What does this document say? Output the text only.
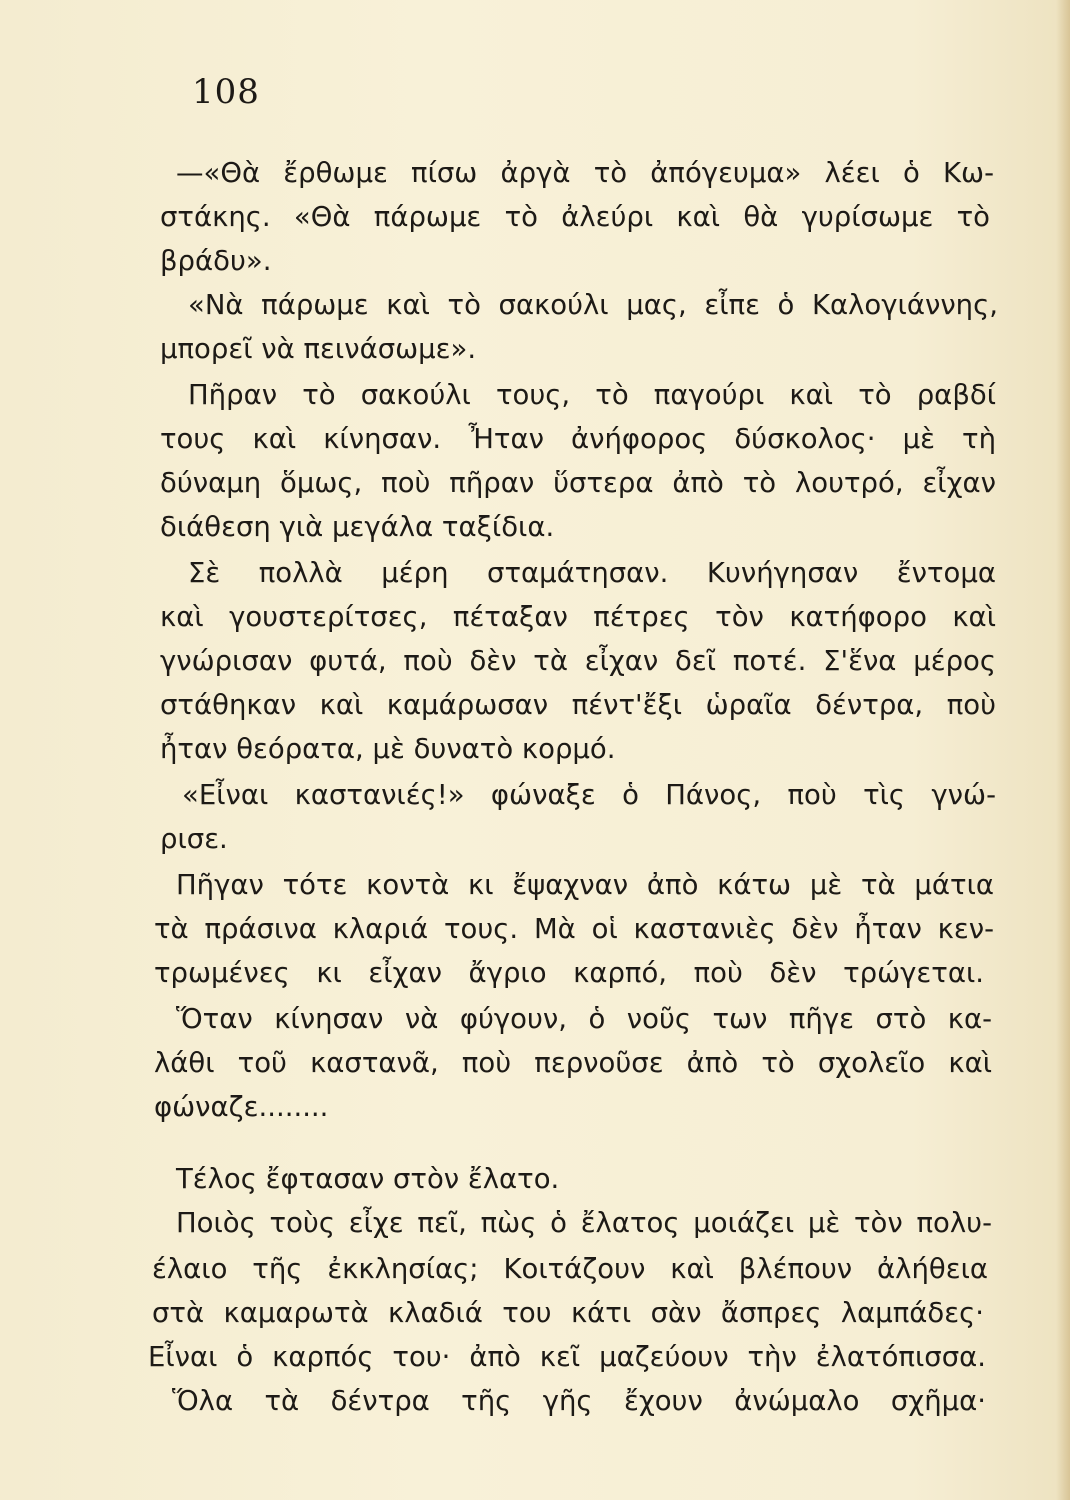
108
—«Θὰ ἔρθωμε πίσω ἀργὰ τὸ ἀπόγευμα» λέει ὁ Κω-
στάκης. «Θὰ πάρωμε τὸ ἀλεύρι καὶ θὰ γυρίσωμε τὸ
βράδυ».
«Νὰ πάρωμε καὶ τὸ σακούλι μας, εἶπε ὁ Καλογιάννης,
μπορεῖ νὰ πεινάσωμε».
Πῆραν τὸ σακούλι τους, τὸ παγούρι καὶ τὸ ραβδί
τους καὶ κίνησαν. Ἦταν ἀνήφορος δύσκολος· μὲ τὴ
δύναμη ὅμως, ποὺ πῆραν ὕστερα ἀπὸ τὸ λουτρό, εἶχαν
διάθεση γιὰ μεγάλα ταξίδια.
Σὲ πολλὰ μέρη σταμάτησαν. Κυνήγησαν ἔντομα
καὶ γουστερίτσες, πέταξαν πέτρες τὸν κατήφορο καὶ
γνώρισαν φυτά, ποὺ δὲν τὰ εἶχαν δεῖ ποτέ. Σ'ἕνα μέρος
στάθηκαν καὶ καμάρωσαν πέντ'ἔξι ὡραῖα δέντρα, ποὺ
ἦταν θεόρατα, μὲ δυνατὸ κορμό.
«Εἶναι καστανιές!» φώναξε ὁ Πάνος, ποὺ τὶς γνώ-
ρισε.
Πῆγαν τότε κοντὰ κι ἔψαχναν ἀπὸ κάτω μὲ τὰ μάτια
τὰ πράσινα κλαριά τους. Μὰ οἱ καστανιὲς δὲν ἦταν κεν-
τρωμένες κι εἶχαν ἄγριο καρπό, ποὺ δὲν τρώγεται.
Ὅταν κίνησαν νὰ φύγουν, ὁ νοῦς των πῆγε στὸ κα-
λάθι τοῦ καστανᾶ, ποὺ περνοῦσε ἀπὸ τὸ σχολεῖο καὶ
φώναζε........
Τέλος ἔφτασαν στὸν ἔλατο.
Ποιὸς τοὺς εἶχε πεῖ, πὼς ὁ ἔλατος μοιάζει μὲ τὸν πολυ-
έλαιο τῆς ἐκκλησίας; Κοιτάζουν καὶ βλέπουν ἀλήθεια
στὰ καμαρωτὰ κλαδιά του κάτι σὰν ἄσπρες λαμπάδες·
Εἶναι ὁ καρπός του· ἀπὸ κεῖ μαζεύουν τὴν ἐλατόπισσα.
Ὅλα τὰ δέντρα τῆς γῆς ἔχουν ἀνώμαλο σχῆμα·
